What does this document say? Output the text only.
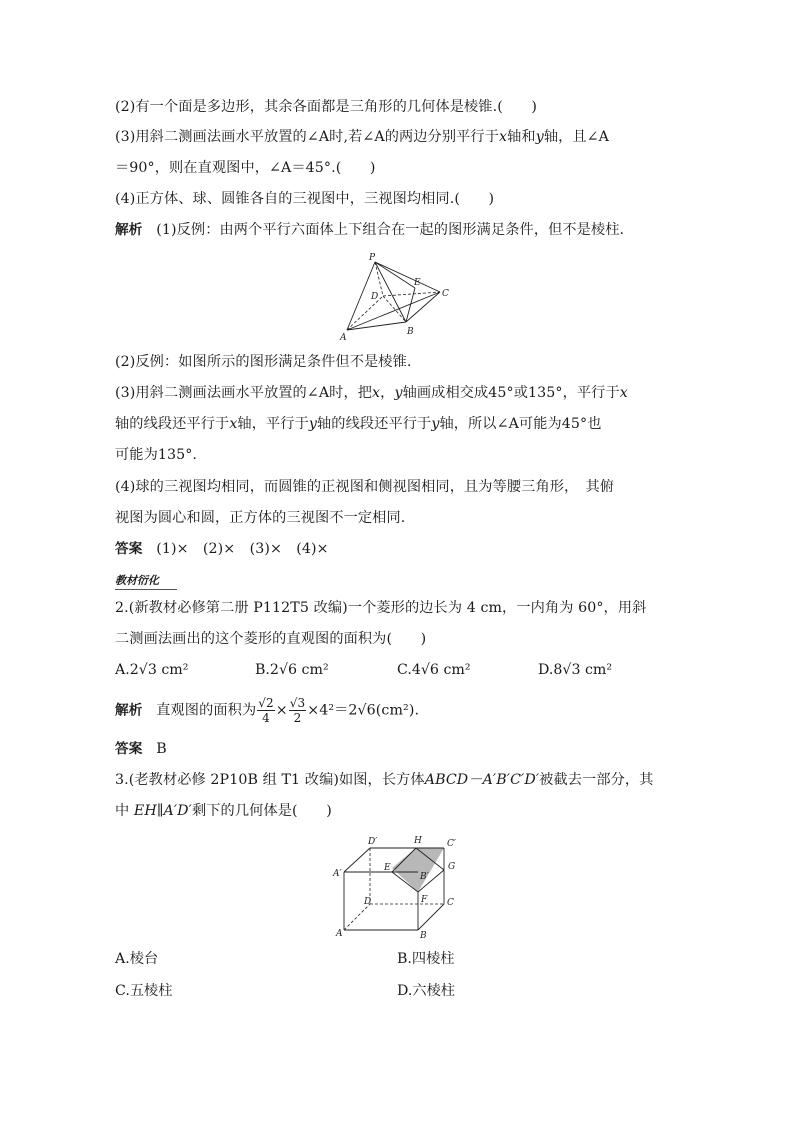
(2)有一个面是多边形，其余各面都是三角形的几何体是棱锥.(　　)
(3)用斜二测画法画水平放置的∠A时,若∠A的两边分别平行于x轴和y轴，且∠A
＝90°，则在直观图中，∠A＝45°.(　　)
(4)正方体、球、圆锥各自的三视图中，三视图均相同.(　　)
解析 (1)反例：由两个平行六面体上下组合在一起的图形满足条件，但不是棱柱.
P
D
E
C
A
B
(2)反例：如图所示的图形满足条件但不是棱锥.
(3)用斜二测画法画水平放置的∠A时，把x，y轴画成相交成45°或135°，平行于x
轴的线段还平行于x轴，平行于y轴的线段还平行于y轴，所以∠A可能为45°也
可能为135°.
(4)球的三视图均相同，而圆锥的正视图和侧视图相同，且为等腰三角形，　其俯
视图为圆心和圆，正方体的三视图不一定相同.
答案 (1)×　(2)×　(3)×　(4)×
教材衍化
2.(新教材必修第二册 P112T5 改编)一个菱形的边长为 4 cm，一内角为 60°，用斜
二测画法画出的这个菱形的直观图的面积为(　　)
A.2√3 cm²	B.2√6 cm²	C.4√6 cm²	D.8√3 cm²
解析 直观图的面积为 $\frac{√2}{4} \times \frac{√3}{2} \times 4^2=2√6(cm^2)$.
答案 B
3.(老教材必修 2P10B 组 T1 改编)如图，长方体ABCD－A′B′C′D′被截去一部分，其
中 EH∥A′D′剩下的几何体是(　　)
D′	H	C′
A′
E
B′
G
F
D	C
A	B
A.棱台	B.四棱柱
C.五棱柱	D.六棱柱
